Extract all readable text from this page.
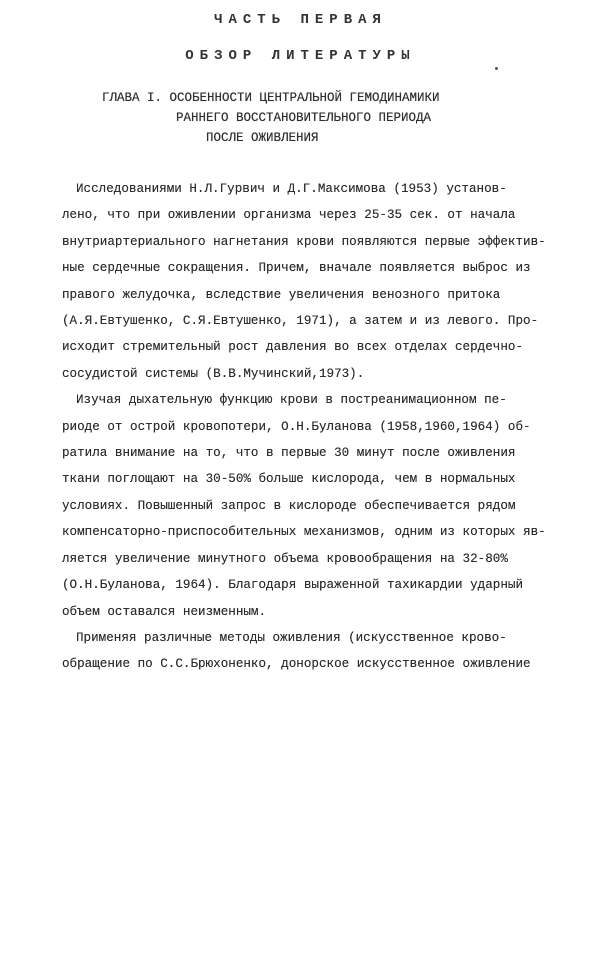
ЧАСТЬ ПЕРВАЯ
ОБЗОР ЛИТЕРАТУРЫ
ГЛАВА I. ОСОБЕННОСТИ ЦЕНТРАЛЬНОЙ ГЕМОДИНАМИКИ
РАННЕГО ВОССТАНОВИТЕЛЬНОГО ПЕРИОДА
ПОСЛЕ ОЖИВЛЕНИЯ
Исследованиями Н.Л.Гурвич и Д.Г.Максимова (1953) установ-
лено, что при оживлении организма через 25-35 сек. от начала
внутриартериального нагнетания крови появляются первые эффектив-
ные сердечные сокращения. Причем, вначале появляется выброс из
правого желудочка, вследствие увеличения венозного притока
(А.Я.Евтушенко, С.Я.Евтушенко, 1971), а затем и из левого. Про-
исходит стремительный рост давления во всех отделах сердечно-
сосудистой системы (В.В.Мучинский,1973).
Изучая дыхательную функцию крови в постреанимационном пе-
риоде от острой кровопотери, О.Н.Буланова (1958,1960,1964) об-
ратила внимание на то, что в первые 30 минут после оживления
ткани поглощают на 30-50% больше кислорода, чем в нормальных
условиях. Повышенный запрос в кислороде обеспечивается рядом
компенсаторно-приспособительных механизмов, одним из которых яв-
ляется увеличение минутного объема кровообращения на 32-80%
(О.Н.Буланова, 1964). Благодаря выраженной тахикардии ударный
объем оставался неизменным.
Применяя различные методы оживления (искусственное крово-
обращение по С.С.Брюхоненко, донорское искусственное оживление
